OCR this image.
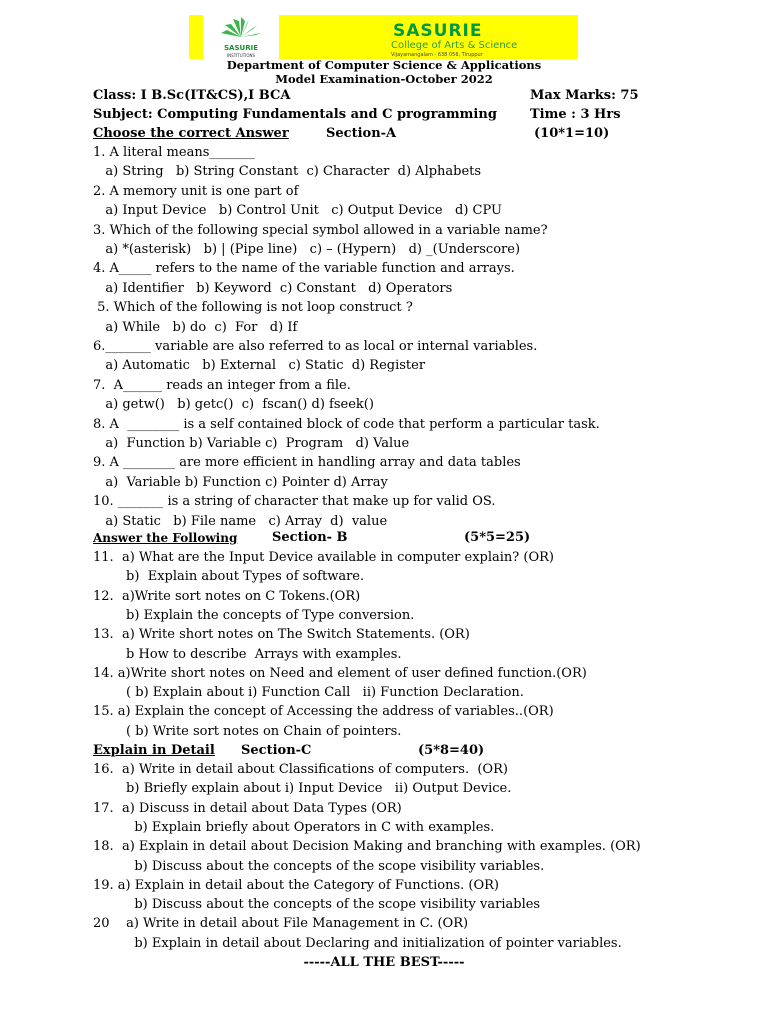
SASURIE
INSTITUTIONS
SASURIE
College of Arts & Science
Vijayamangalam - 638 056, Tiruppur
Department of Computer Science & Applications
Model Examination-October 2022
Class: I B.Sc(IT&CS),I BCA	Max Marks: 75
Subject: Computing Fundamentals and C programming	Time : 3 Hrs
Choose the correct Answer	Section-A	(10*1=10)
1. A literal means_______
a) String   b) String Constant  c) Character  d) Alphabets
2. A memory unit is one part of
a) Input Device   b) Control Unit   c) Output Device   d) CPU
3. Which of the following special symbol allowed in a variable name?
a) *(asterisk)   b) | (Pipe line)   c) – (Hypern)   d) _(Underscore)
4. A_____ refers to the name of the variable function and arrays.
a) Identifier   b) Keyword  c) Constant   d) Operators
5. Which of the following is not loop construct ?
a) While   b) do  c)  For   d) If
6._______ variable are also referred to as local or internal variables.
a) Automatic   b) External   c) Static  d) Register
7.  A______ reads an integer from a file.
a) getw()   b) getc()  c)  fscan() d) fseek()
8. A  ________ is a self contained block of code that perform a particular task.
a)  Function b) Variable c)  Program   d) Value
9. A ________ are more efficient in handling array and data tables
a)  Variable b) Function c) Pointer d) Array
10. _______ is a string of character that make up for valid OS.
a) Static   b) File name   c) Array  d)  value
Answer the Following	Section- B	(5*5=25)
11.  a) What are the Input Device available in computer explain? (OR)
b)  Explain about Types of software.
12.  a)Write sort notes on C Tokens.(OR)
b) Explain the concepts of Type conversion.
13.  a) Write short notes on The Switch Statements. (OR)
b How to describe  Arrays with examples.
14. a)Write short notes on Need and element of user defined function.(OR)
( b) Explain about i) Function Call   ii) Function Declaration.
15. a) Explain the concept of Accessing the address of variables..(OR)
( b) Write sort notes on Chain of pointers.
Explain in Detail Section-C	(5*8=40)
16.  a) Write in detail about Classifications of computers.  (OR)
b) Briefly explain about i) Input Device   ii) Output Device.
17.  a) Discuss in detail about Data Types (OR)
b) Explain briefly about Operators in C with examples.
18.  a) Explain in detail about Decision Making and branching with examples. (OR)
b) Discuss about the concepts of the scope visibility variables.
19. a) Explain in detail about the Category of Functions. (OR)
b) Discuss about the concepts of the scope visibility variables
20    a) Write in detail about File Management in C. (OR)
b) Explain in detail about Declaring and initialization of pointer variables.
-----ALL THE BEST-----
